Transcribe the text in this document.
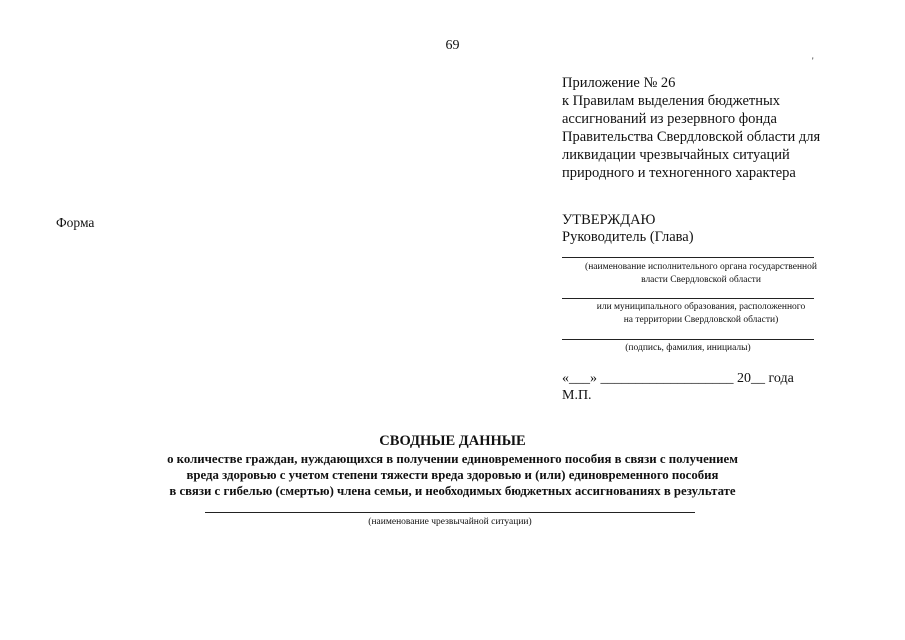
69
'
Приложение № 26
к Правилам выделения бюджетных
ассигнований из резервного фонда
Правительства Свердловской области для
ликвидации чрезвычайных ситуаций
природного и техногенного характера
Форма	УТВЕРЖДАЮ
Руководитель (Глава)
(наименование исполнительного органа государственной
власти Свердловской области
или муниципального образования, расположенного
на территории Свердловской области)
(подпись, фамилия, инициалы)
«___» ___________________ 20__ года
М.П.
СВОДНЫЕ ДАННЫЕ
о количестве граждан, нуждающихся в получении единовременного пособия в связи с получением
вреда здоровью с учетом степени тяжести вреда здоровью и (или) единовременного пособия
в связи с гибелью (смертью) члена семьи, и необходимых бюджетных ассигнованиях в результате
(наименование чрезвычайной ситуации)
